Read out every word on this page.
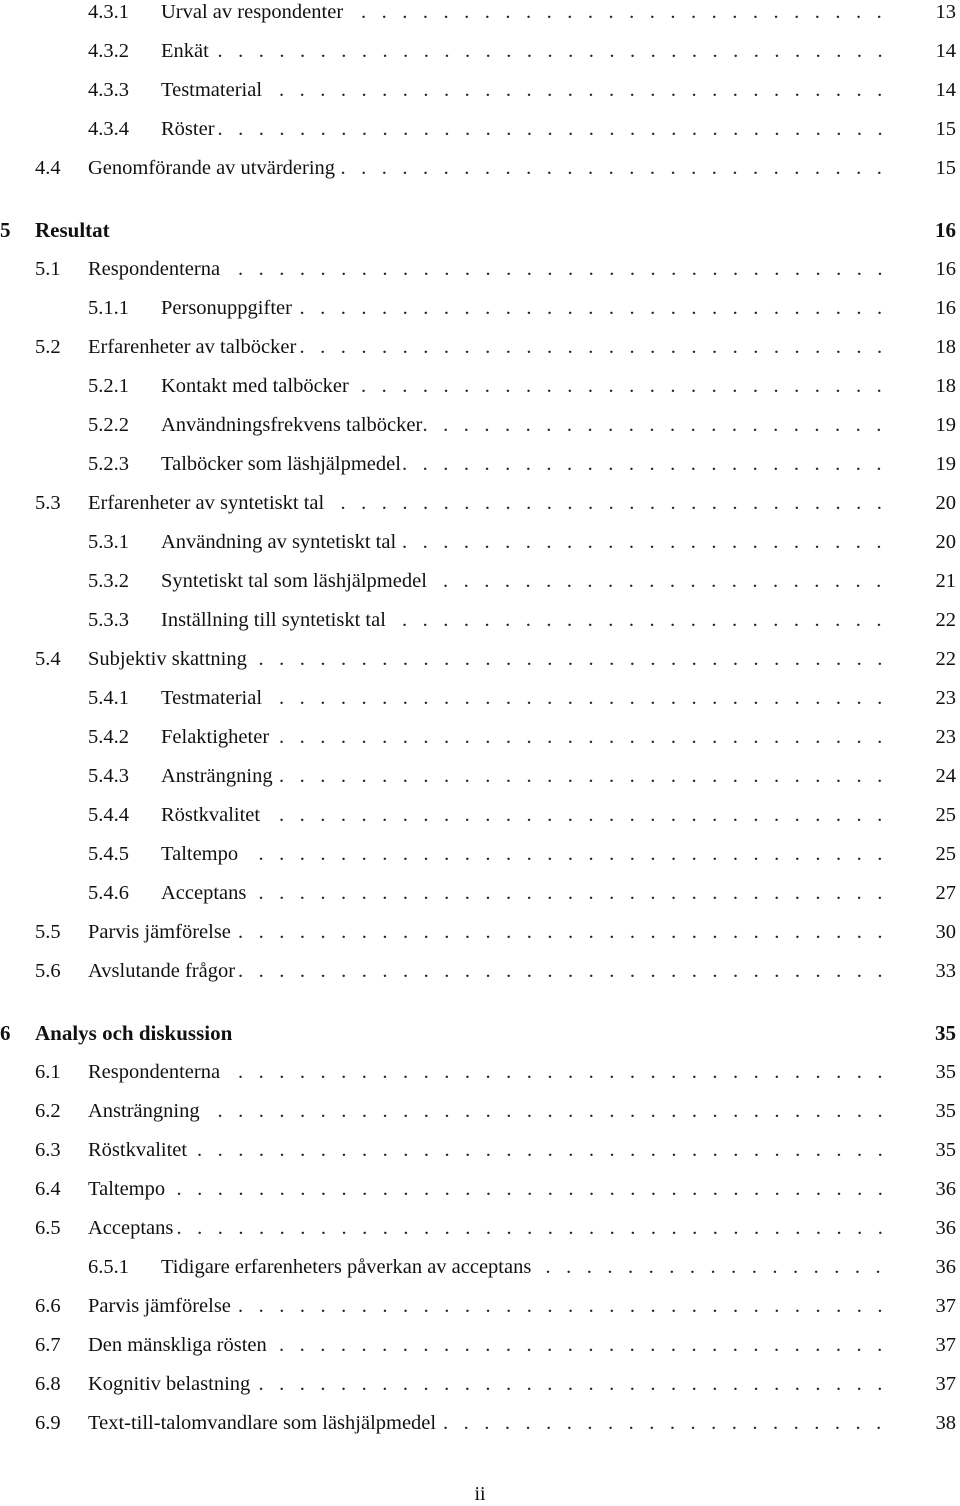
4.3.1 Urval av respondenter	13
..........................
4.3.2 Enkät	14
.................................
4.3.3 Testmaterial	14
..............................
4.3.4 Röster	15
.................................
4.4 Genomförande av utvärdering	15
...........................
5 Resultat	16
5.1 Respondenterna	16
................................
5.1.1 Personuppgifter	16
.............................
5.2 Erfarenheter av talböcker	18
.............................
5.2.1 Kontakt med talböcker	18
..........................
5.2.2 Användningsfrekvens talböcker	19
.......................
5.2.3 Talböcker som läshjälpmedel	19
........................
5.3 Erfarenheter av syntetiskt tal	20
...........................
5.3.1 Användning av syntetiskt tal	20
........................
5.3.2 Syntetiskt tal som läshjälpmedel	21
......................
5.3.3 Inställning till syntetiskt tal	22
........................
5.4 Subjektiv skattning	22
...............................
5.4.1 Testmaterial	23
..............................
5.4.2 Felaktigheter	23
..............................
5.4.3 Ansträngning	24
..............................
5.4.4 Röstkvalitet	25
..............................
5.4.5 Taltempo	25
...............................
5.4.6 Acceptans	27
...............................
5.5 Parvis jämförelse	30
................................
5.6 Avslutande frågor	33
................................
6 Analys och diskussion	35
6.1 Respondenterna	35
................................
6.2 Ansträngning	35
.................................
6.3 Röstkvalitet	35
..................................
6.4 Taltempo	36
...................................
6.5 Acceptans	36
...................................
6.5.1 Tidigare erfarenheters påverkan av acceptans	36
.................
6.6 Parvis jämförelse	37
................................
6.7 Den mänskliga rösten	37
..............................
6.8 Kognitiv belastning	37
...............................
6.9 Text-till-talomvandlare som läshjälpmedel	38
......................
ii
